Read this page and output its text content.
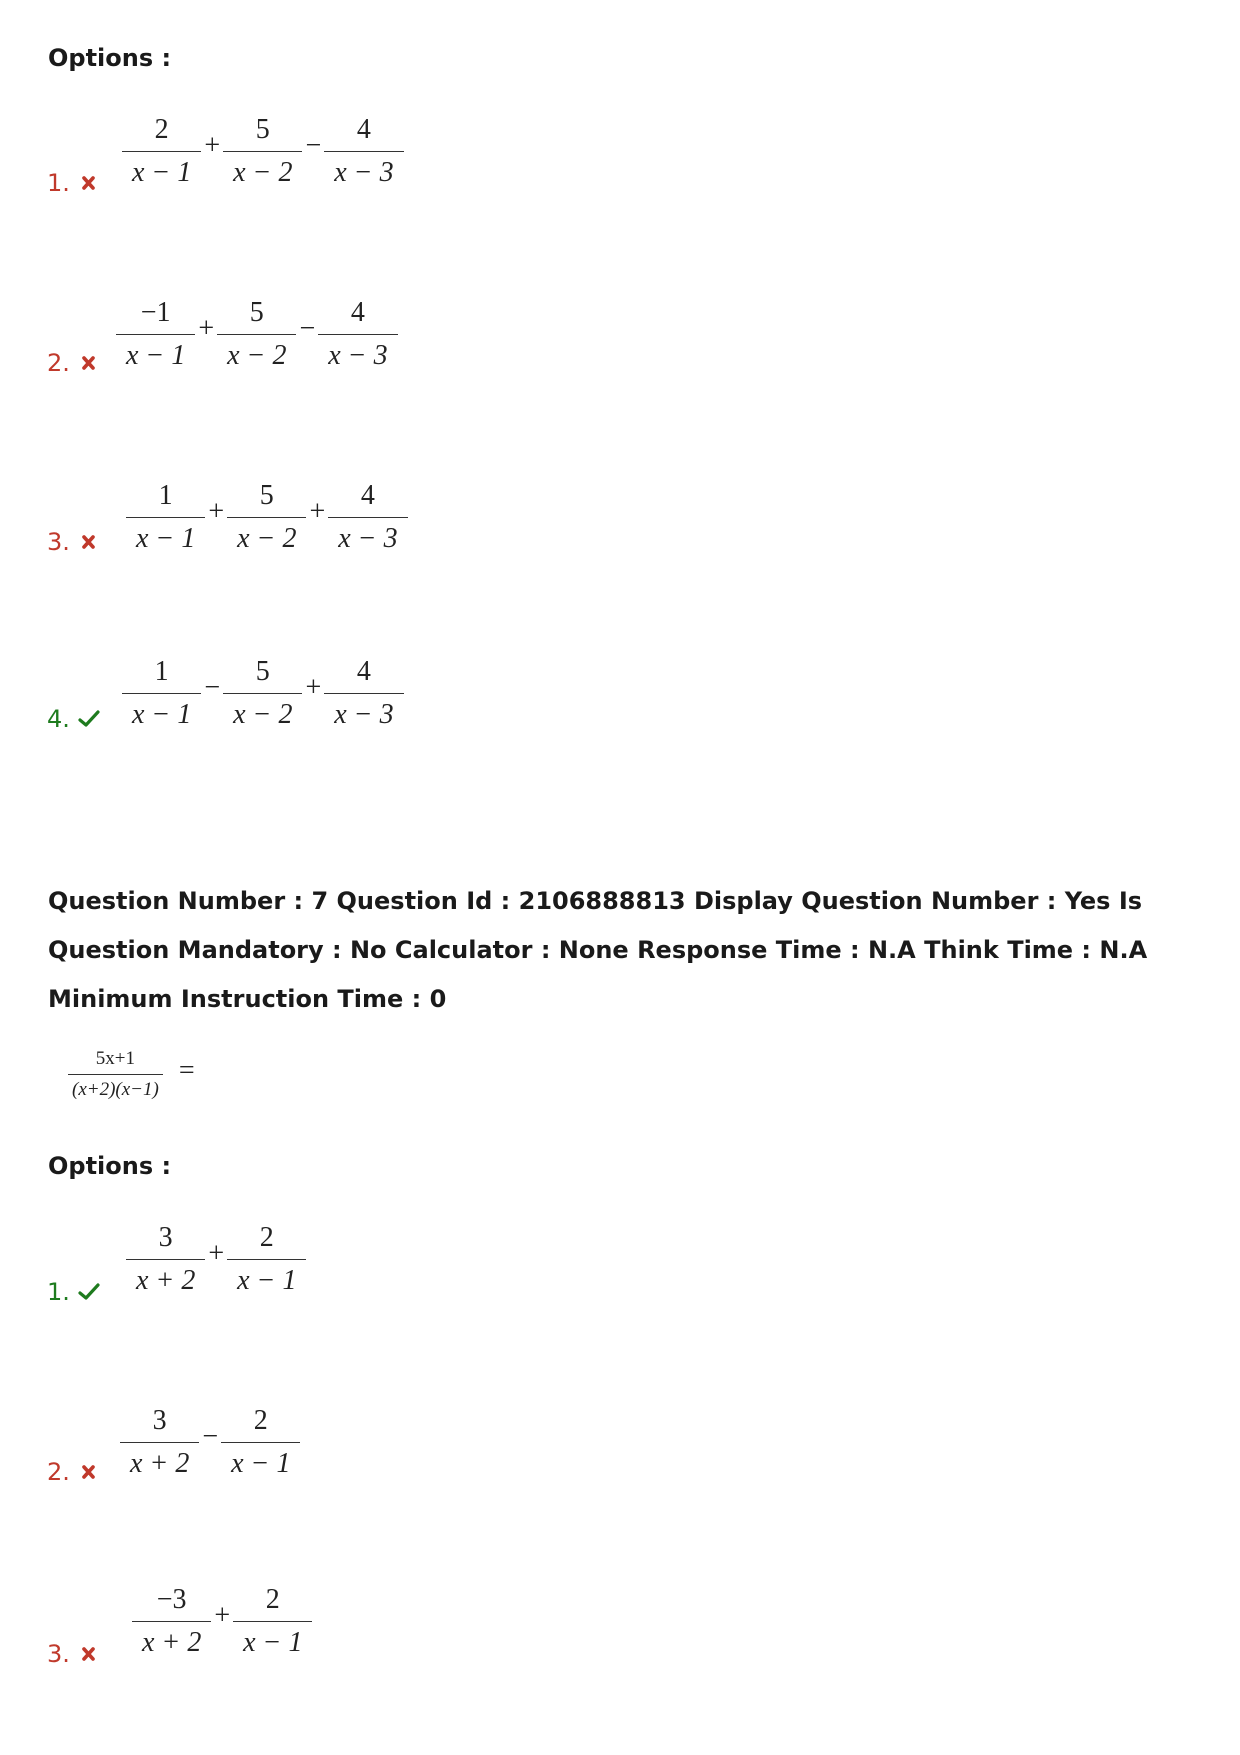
Options :
1. $\frac{2}{x - 1} + \frac{5}{x - 2} - \frac{4}{x - 3}$
2. $\frac{-1}{x - 1} + \frac{5}{x - 2} - \frac{4}{x - 3}$
3. $\frac{1}{x - 1} + \frac{5}{x - 2} + \frac{4}{x - 3}$
4. $\frac{1}{x - 1} - \frac{5}{x - 2} + \frac{4}{x - 3}$
Question Number : 7 Question Id : 2106888813 Display Question Number : Yes Is Question Mandatory : No Calculator : None Response Time : N.A Think Time : N.A Minimum Instruction Time : 0
$\frac{5x+1}{(x+2)(x-1)}$ =
Options :
1. $\frac{3}{x + 2} + \frac{2}{x - 1}$
2. $\frac{3}{x + 2} - \frac{2}{x - 1}$
3. $\frac{-3}{x + 2} + \frac{2}{x - 1}$
